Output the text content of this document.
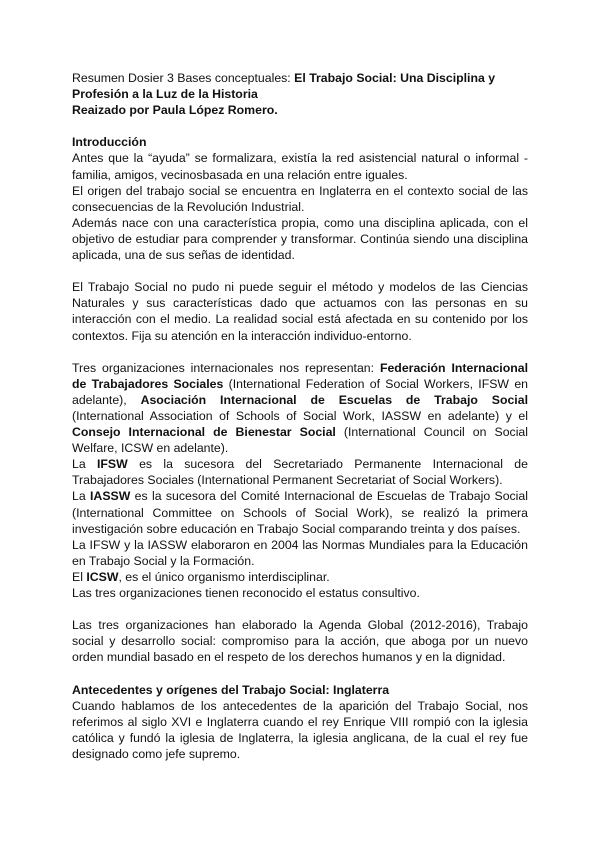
Resumen Dosier 3 Bases conceptuales: El Trabajo Social: Una Disciplina y Profesión a la Luz de la Historia
Reaizado por Paula López Romero.

Introducción

Antes que la “ayuda” se formalizara, existía la red asistencial natural o informal -familia, amigos, vecinosbasada en una relación entre iguales.

El origen del trabajo social se encuentra en Inglaterra en el contexto social de las consecuencias de la Revolución Industrial.

Además nace con una característica propia, como una disciplina aplicada, con el objetivo de estudiar para comprender y transformar. Continúa siendo una disciplina aplicada, una de sus señas de identidad.

El Trabajo Social no pudo ni puede seguir el método y modelos de las Ciencias Naturales y sus características dado que actuamos con las personas en su interacción con el medio. La realidad social está afectada en su contenido por los contextos. Fija su atención en la interacción individuo-entorno.

Tres organizaciones internacionales nos representan: Federación Internacional de Trabajadores Sociales (International Federation of Social Workers, IFSW en adelante), Asociación Internacional de Escuelas de Trabajo Social (International Association of Schools of Social Work, IASSW en adelante) y el Consejo Internacional de Bienestar Social (International Council on Social Welfare, ICSW en adelante).

La IFSW es la sucesora del Secretariado Permanente Internacional de Trabajadores Sociales (International Permanent Secretariat of Social Workers).

La IASSW es la sucesora del Comité Internacional de Escuelas de Trabajo Social (International Committee on Schools of Social Work), se realizó la primera investigación sobre educación en Trabajo Social comparando treinta y dos países.

La IFSW y la IASSW elaboraron en 2004 las Normas Mundiales para la Educación en Trabajo Social y la Formación.

El ICSW, es el único organismo interdisciplinar.

Las tres organizaciones tienen reconocido el estatus consultivo.

Las tres organizaciones han elaborado la Agenda Global (2012-2016), Trabajo social y desarrollo social: compromiso para la acción, que aboga por un nuevo orden mundial basado en el respeto de los derechos humanos y en la dignidad.

Antecedentes y orígenes del Trabajo Social: Inglaterra

Cuando hablamos de los antecedentes de la aparición del Trabajo Social, nos referimos al siglo XVI e Inglaterra cuando el rey Enrique VIII rompió con la iglesia católica y fundó la iglesia de Inglaterra, la iglesia anglicana, de la cual el rey fue designado como jefe supremo.
